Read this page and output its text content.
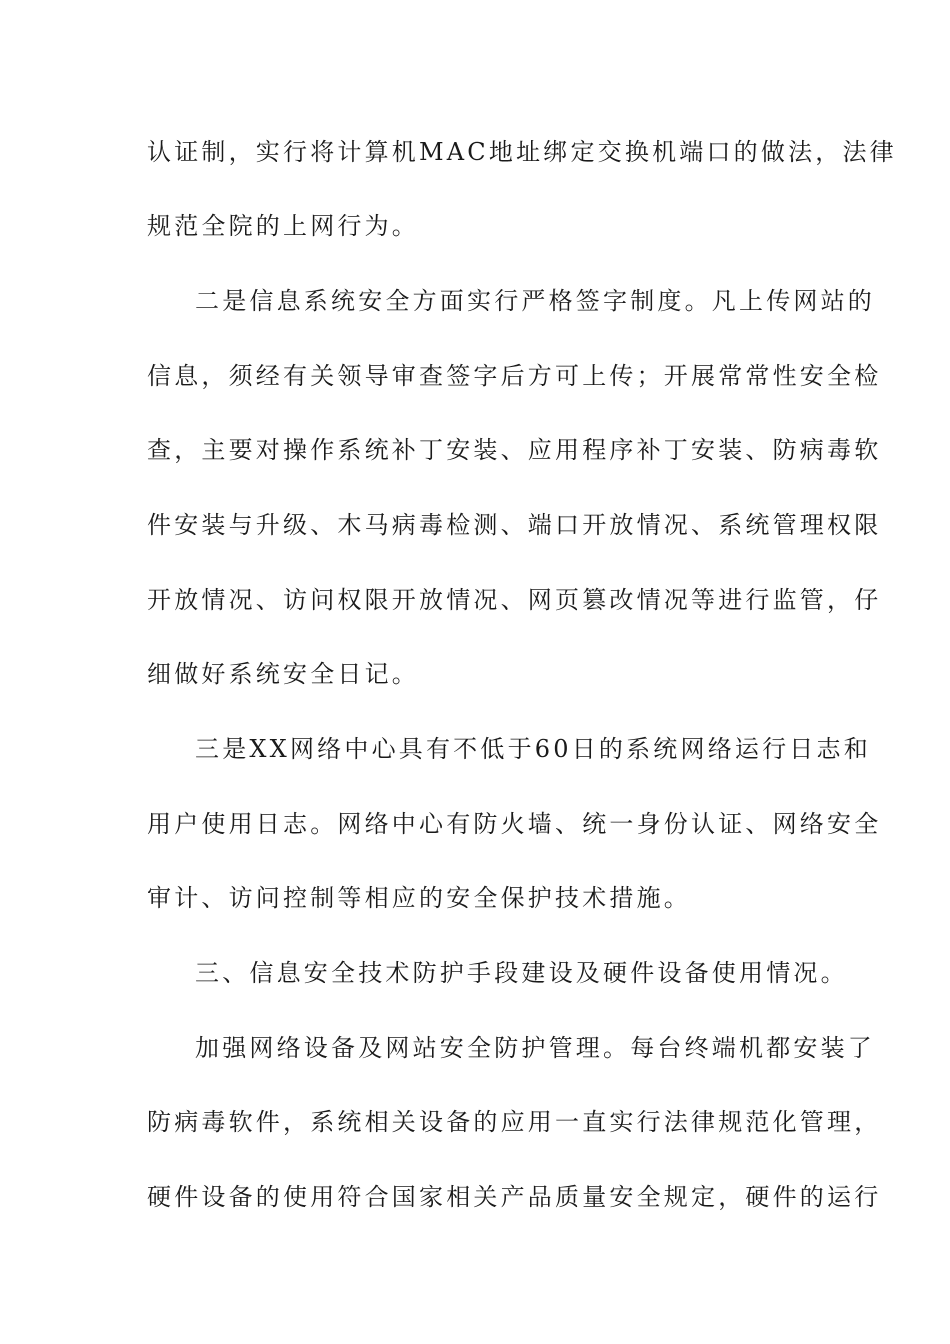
认证制，实行将计算机MAC地址绑定交换机端口的做法，法律
规范全院的上网行为。
二是信息系统安全方面实行严格签字制度。凡上传网站的
信息，须经有关领导审查签字后方可上传；开展常常性安全检
查，主要对操作系统补丁安装、应用程序补丁安装、防病毒软
件安装与升级、木马病毒检测、端口开放情况、系统管理权限
开放情况、访问权限开放情况、网页篡改情况等进行监管，仔
细做好系统安全日记。
三是XX网络中心具有不低于60日的系统网络运行日志和
用户使用日志。网络中心有防火墙、统一身份认证、网络安全
审计、访问控制等相应的安全保护技术措施。
三、信息安全技术防护手段建设及硬件设备使用情况。
加强网络设备及网站安全防护管理。每台终端机都安装了
防病毒软件，系统相关设备的应用一直实行法律规范化管理，
硬件设备的使用符合国家相关产品质量安全规定，硬件的运行
